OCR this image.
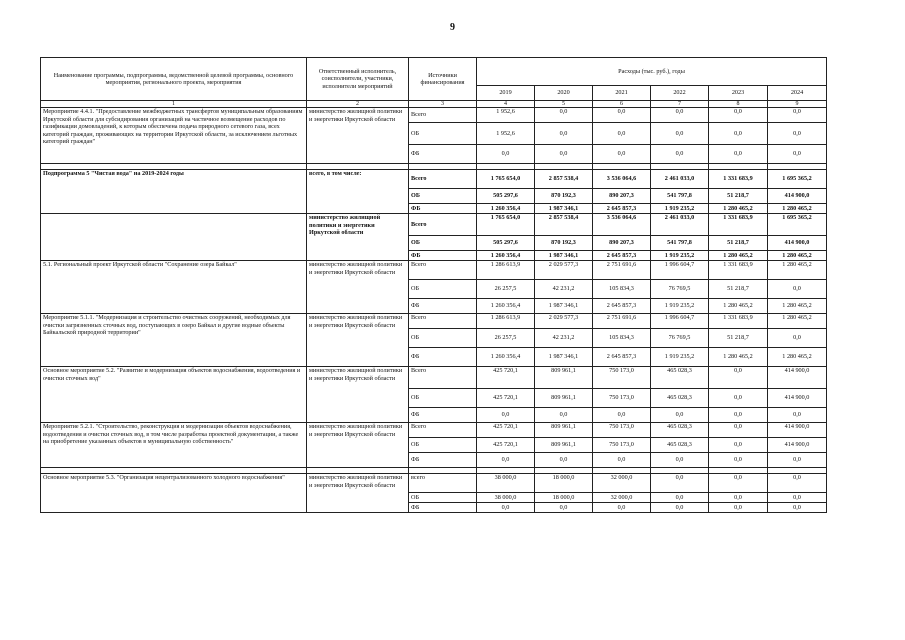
9
Наименование программы, подпрограммы, ведомственной целевой программы, основного мероприятия, регионального проекта, мероприятия	Ответственный исполнитель, соисполнители, участники, исполнители мероприятий	Источники финансирования	Расходы (тыс. руб.), годы					
			2019	2020	2021	2022	2023	2024
1	2	3	4	5	6	7	8	9
Мероприятие 4.4.1. "Предоставление межбюджетных трансфертов муниципальным образованиям Иркутской области для субсидирования организаций на частичное возмещение расходов по газификации домовладений, к которым обеспечена подача природного сетевого газа, всех категорий граждан, проживающих на территории Иркутской области, за исключением льготных категорий граждан"	министерство жилищной политики и энергетики Иркутской области	Всего	1 952,6	0,0	0,0	0,0	0,0	0,0
		ОБ	1 952,6	0,0	0,0	0,0	0,0	0,0
		ФБ	0,0	0,0	0,0	0,0	0,0	0,0

Подпрограмма 5 "Чистая вода" на 2019-2024 годы	всего, в том числе:	Всего	1 765 654,0	2 857 538,4	3 536 064,6	2 461 033,0	1 331 683,9	1 695 365,2
		ОБ	505 297,6	870 192,3	890 207,3	541 797,8	51 218,7	414 900,0
		ФБ	1 260 356,4	1 987 346,1	2 645 857,3	1 919 235,2	1 280 465,2	1 280 465,2
	министерство жилищной политики и энергетики Иркутской области	Всего	1 765 654,0	2 857 538,4	3 536 064,6	2 461 033,0	1 331 683,9	1 695 365,2
		ОБ	505 297,6	870 192,3	890 207,3	541 797,8	51 218,7	414 900,0
		ФБ	1 260 356,4	1 987 346,1	2 645 857,3	1 919 235,2	1 280 465,2	1 280 465,2
5.1. Региональный проект Иркутской области "Сохранение озера Байкал"	министерство жилищной политики и энергетики Иркутской области	Всего	1 286 613,9	2 029 577,3	2 751 691,6	1 996 604,7	1 331 683,9	1 280 465,2
		ОБ	26 257,5	42 231,2	105 834,3	76 769,5	51 218,7	0,0
		ФБ	1 260 356,4	1 987 346,1	2 645 857,3	1 919 235,2	1 280 465,2	1 280 465,2
Мероприятие 5.1.1. "Модернизация и строительство очистных сооружений, необходимых для очистки загрязненных сточных вод, поступающих в озеро Байкал и другие водные объекты Байкальской природной территории"	министерство жилищной политики и энергетики Иркутской области	Всего	1 286 613,9	2 029 577,3	2 751 691,6	1 996 604,7	1 331 683,9	1 280 465,2
		ОБ	26 257,5	42 231,2	105 834,3	76 769,5	51 218,7	0,0
		ФБ	1 260 356,4	1 987 346,1	2 645 857,3	1 919 235,2	1 280 465,2	1 280 465,2
Основное мероприятие 5.2. "Развитие и модернизация объектов водоснабжения, водоотведения и очистки сточных вод"	министерство жилищной политики и энергетики Иркутской области	Всего	425 720,1	809 961,1	750 173,0	465 028,3	0,0	414 900,0
		ОБ	425 720,1	809 961,1	750 173,0	465 028,3	0,0	414 900,0
		ФБ	0,0	0,0	0,0	0,0	0,0	0,0
Мероприятие 5.2.1. "Строительство, реконструкция и модернизация объектов водоснабжения, водоотведения и очистки сточных вод, в том числе разработка проектной документации, а также на приобретение указанных объектов в муниципальную собственность"	министерство жилищной политики и энергетики Иркутской области	Всего	425 720,1	809 961,1	750 173,0	465 028,3	0,0	414 900,0
		ОБ	425 720,1	809 961,1	750 173,0	465 028,3	0,0	414 900,0
		ФБ	0,0	0,0	0,0	0,0	0,0	0,0

Основное мероприятие 5.3. "Организация нецентрализованного холодного водоснабжения"	министерство жилищной политики и энергетики Иркутской области	всего	38 000,0	18 000,0	32 000,0	0,0	0,0	0,0
		ОБ	38 000,0	18 000,0	32 000,0	0,0	0,0	0,0
		ФБ	0,0	0,0	0,0	0,0	0,0	0,0
